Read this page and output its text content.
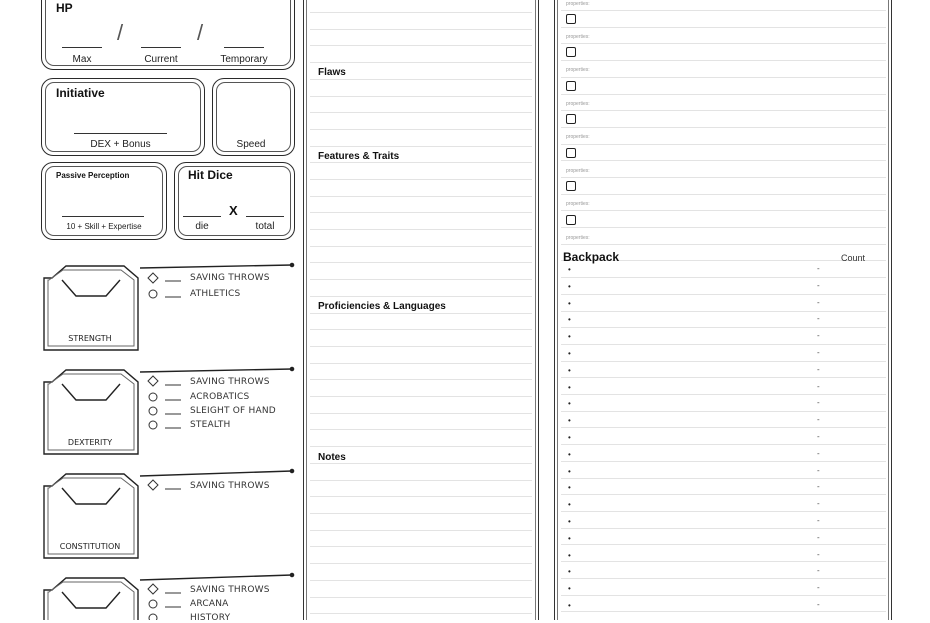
HP
/	/
Max	Current	Temporary
Initiative
DEX + Bonus	Speed
Passive Perception
10 + Skill + Expertise
Hit Dice
X
die	total
STRENGTH
DEXTERITY
CONSTITUTION
SAVING THROWS
ATHLETICS
SAVING THROWS
ACROBATICS
SLEIGHT OF HAND
STEALTH
SAVING THROWS
SAVING THROWS
ARCANA
HISTORY
Flaws
Features & Traits
Proficiencies & Languages
Notes
properties:
properties:
properties:
properties:
properties:
properties:
properties:
properties:
Backpack	Count
•	-
•	-
•	-
•	-
•	-
•	-
•	-
•	-
•	-
•	-
•	-
•	-
•	-
•	-
•	-
•	-
•	-
•	-
•	-
•	-
•	-
